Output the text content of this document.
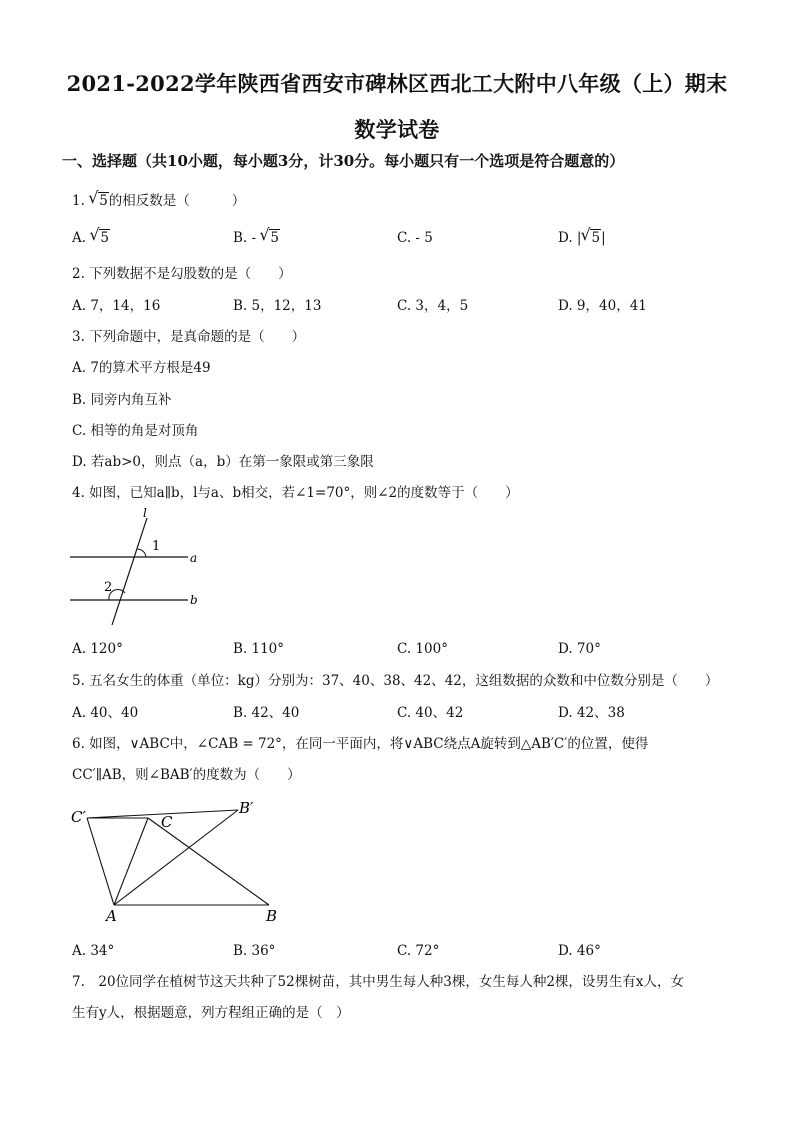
2021-2022学年陕西省西安市碑林区西北工大附中八年级（上）期末
数学试卷
一、选择题（共10小题，每小题3分，计30分。每小题只有一个选项是符合题意的）
1. √ 5的相反数是（	）
A. √ 5	B. - √ 5	C. - 5	D. | √ 5|
2. 下列数据不是勾股数的是（　　）
A. 7，14，16	B. 5，12，13	C. 3，4，5	D. 9，40，41
3. 下列命题中，是真命题的是（　　）
A. 7的算术平方根是49
B. 同旁内角互补
C. 相等的角是对顶角
D. 若ab>0，则点（a，b）在第一象限或第三象限
4. 如图，已知a∥b，l与a、b相交，若∠1=70°，则∠2的度数等于（　　）
l
1
a
2
b
A. 120°	B. 110°	C. 100°	D. 70°
5. 五名女生的体重（单位：kg）分别为：37、40、38、42、42，这组数据的众数和中位数分别是（　　）
A. 40、40	B. 42、40	C. 40、42	D. 42、38
6. 如图，∨ABC中，∠CAB = 72°，在同一平面内，将∨ABC绕点A旋转到△AB′C′的位置，使得
CC′∥AB，则∠BAB′的度数为（　　）
C′	C
B′
A	B
A. 34°	B. 36°	C. 72°	D. 46°
7.　20位同学在植树节这天共种了52棵树苗，其中男生每人种3棵，女生每人种2棵，设男生有x人，女
生有y人，根据题意，列方程组正确的是（　）
